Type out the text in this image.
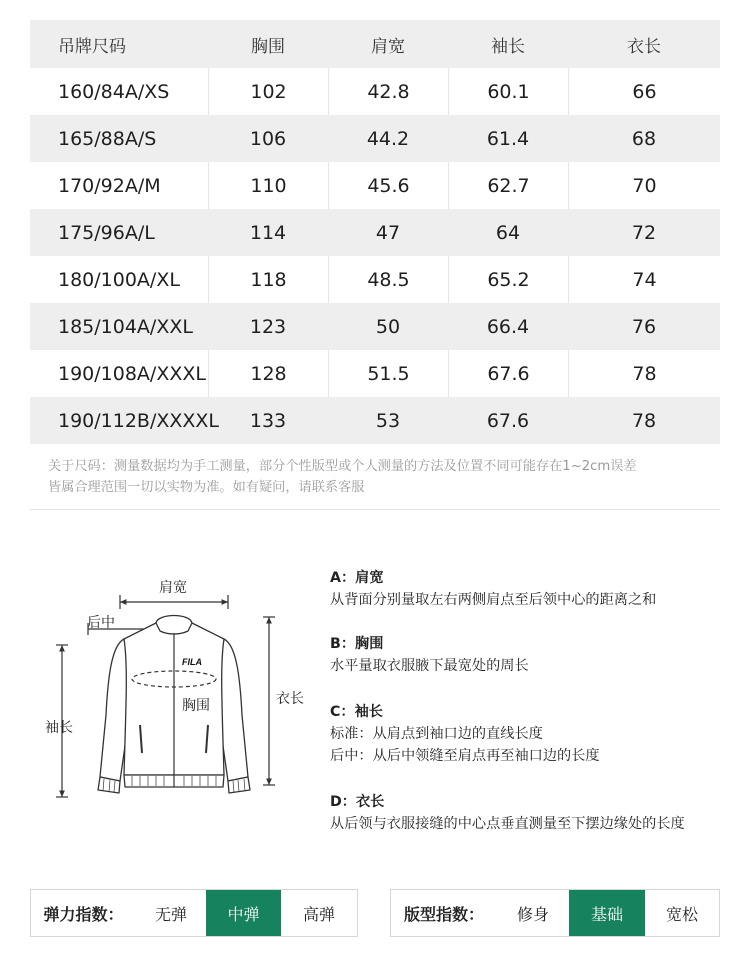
吊牌尺码	胸围	肩宽	袖长	衣长
160/84A/XS	102	42.8	60.1	66
165/88A/S	106	44.2	61.4	68
170/92A/M	110	45.6	62.7	70
175/96A/L	114	47	64	72
180/100A/XL	118	48.5	65.2	74
185/104A/XXL	123	50	66.4	76
190/108A/XXXL	128	51.5	67.6	78
190/112B/XXXXL	133	53	67.6	78
关于尺码：测量数据均为手工测量，部分个性版型或个人测量的方法及位置不同可能存在1~2cm误差
皆属合理范围一切以实物为准。如有疑问，请联系客服
FILA
肩宽
后中
胸围
袖长
衣长
A：肩宽
从背面分别量取左右两侧肩点至后领中心的距离之和
B：胸围
水平量取衣服腋下最宽处的周长
C：袖长
标准：从肩点到袖口边的直线长度
后中：从后中领缝至肩点再至袖口边的长度
D：衣长
从后领与衣服接缝的中心点垂直测量至下摆边缘处的长度
弹力指数：	无弹	中弹	高弹	版型指数：	修身	基础	宽松
